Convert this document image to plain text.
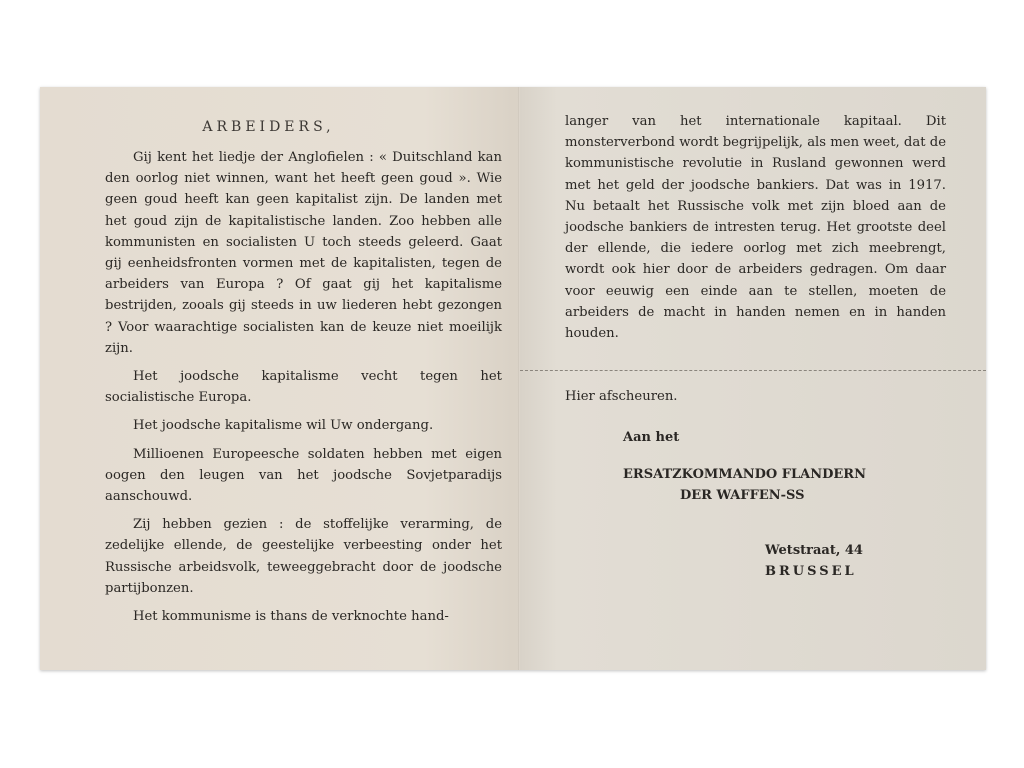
ARBEIDERS,

Gij kent het liedje der Anglofielen : « Duitschland kan den oorlog niet winnen, want het heeft geen goud ». Wie geen goud heeft kan geen kapitalist zijn. De landen met het goud zijn de kapitalistische landen. Zoo hebben alle kommunisten en socialisten U toch steeds geleerd. Gaat gij eenheidsfronten vormen met de kapitalisten, tegen de arbeiders van Europa ? Of gaat gij het kapitalisme bestrijden, zooals gij steeds in uw liederen hebt gezongen ? Voor waarachtige socialisten kan de keuze niet moeilijk zijn.

Het joodsche kapitalisme vecht tegen het socialistische Europa.

Het joodsche kapitalisme wil Uw ondergang.

Millioenen Europeesche soldaten hebben met eigen oogen den leugen van het joodsche Sovjetparadijs aanschouwd.

Zij hebben gezien : de stoffelijke verarming, de zedelijke ellende, de geestelijke verbeesting onder het Russische arbeidsvolk, teweeggebracht door de joodsche partijbonzen.

Het kommunisme is thans de verknochte hand-

langer van het internationale kapitaal. Dit monsterverbond wordt begrijpelijk, als men weet, dat de kommunistische revolutie in Rusland gewonnen werd met het geld der joodsche bankiers. Dat was in 1917. Nu betaalt het Russische volk met zijn bloed aan de joodsche bankiers de intresten terug. Het grootste deel der ellende, die iedere oorlog met zich meebrengt, wordt ook hier door de arbeiders gedragen. Om daar voor eeuwig een einde aan te stellen, moeten de arbeiders de macht in handen nemen en in handen houden.

Hier afscheuren.
Aan het
ERSATZKOMMANDO FLANDERN
DER WAFFEN-SS
Wetstraat, 44
BRUSSEL
